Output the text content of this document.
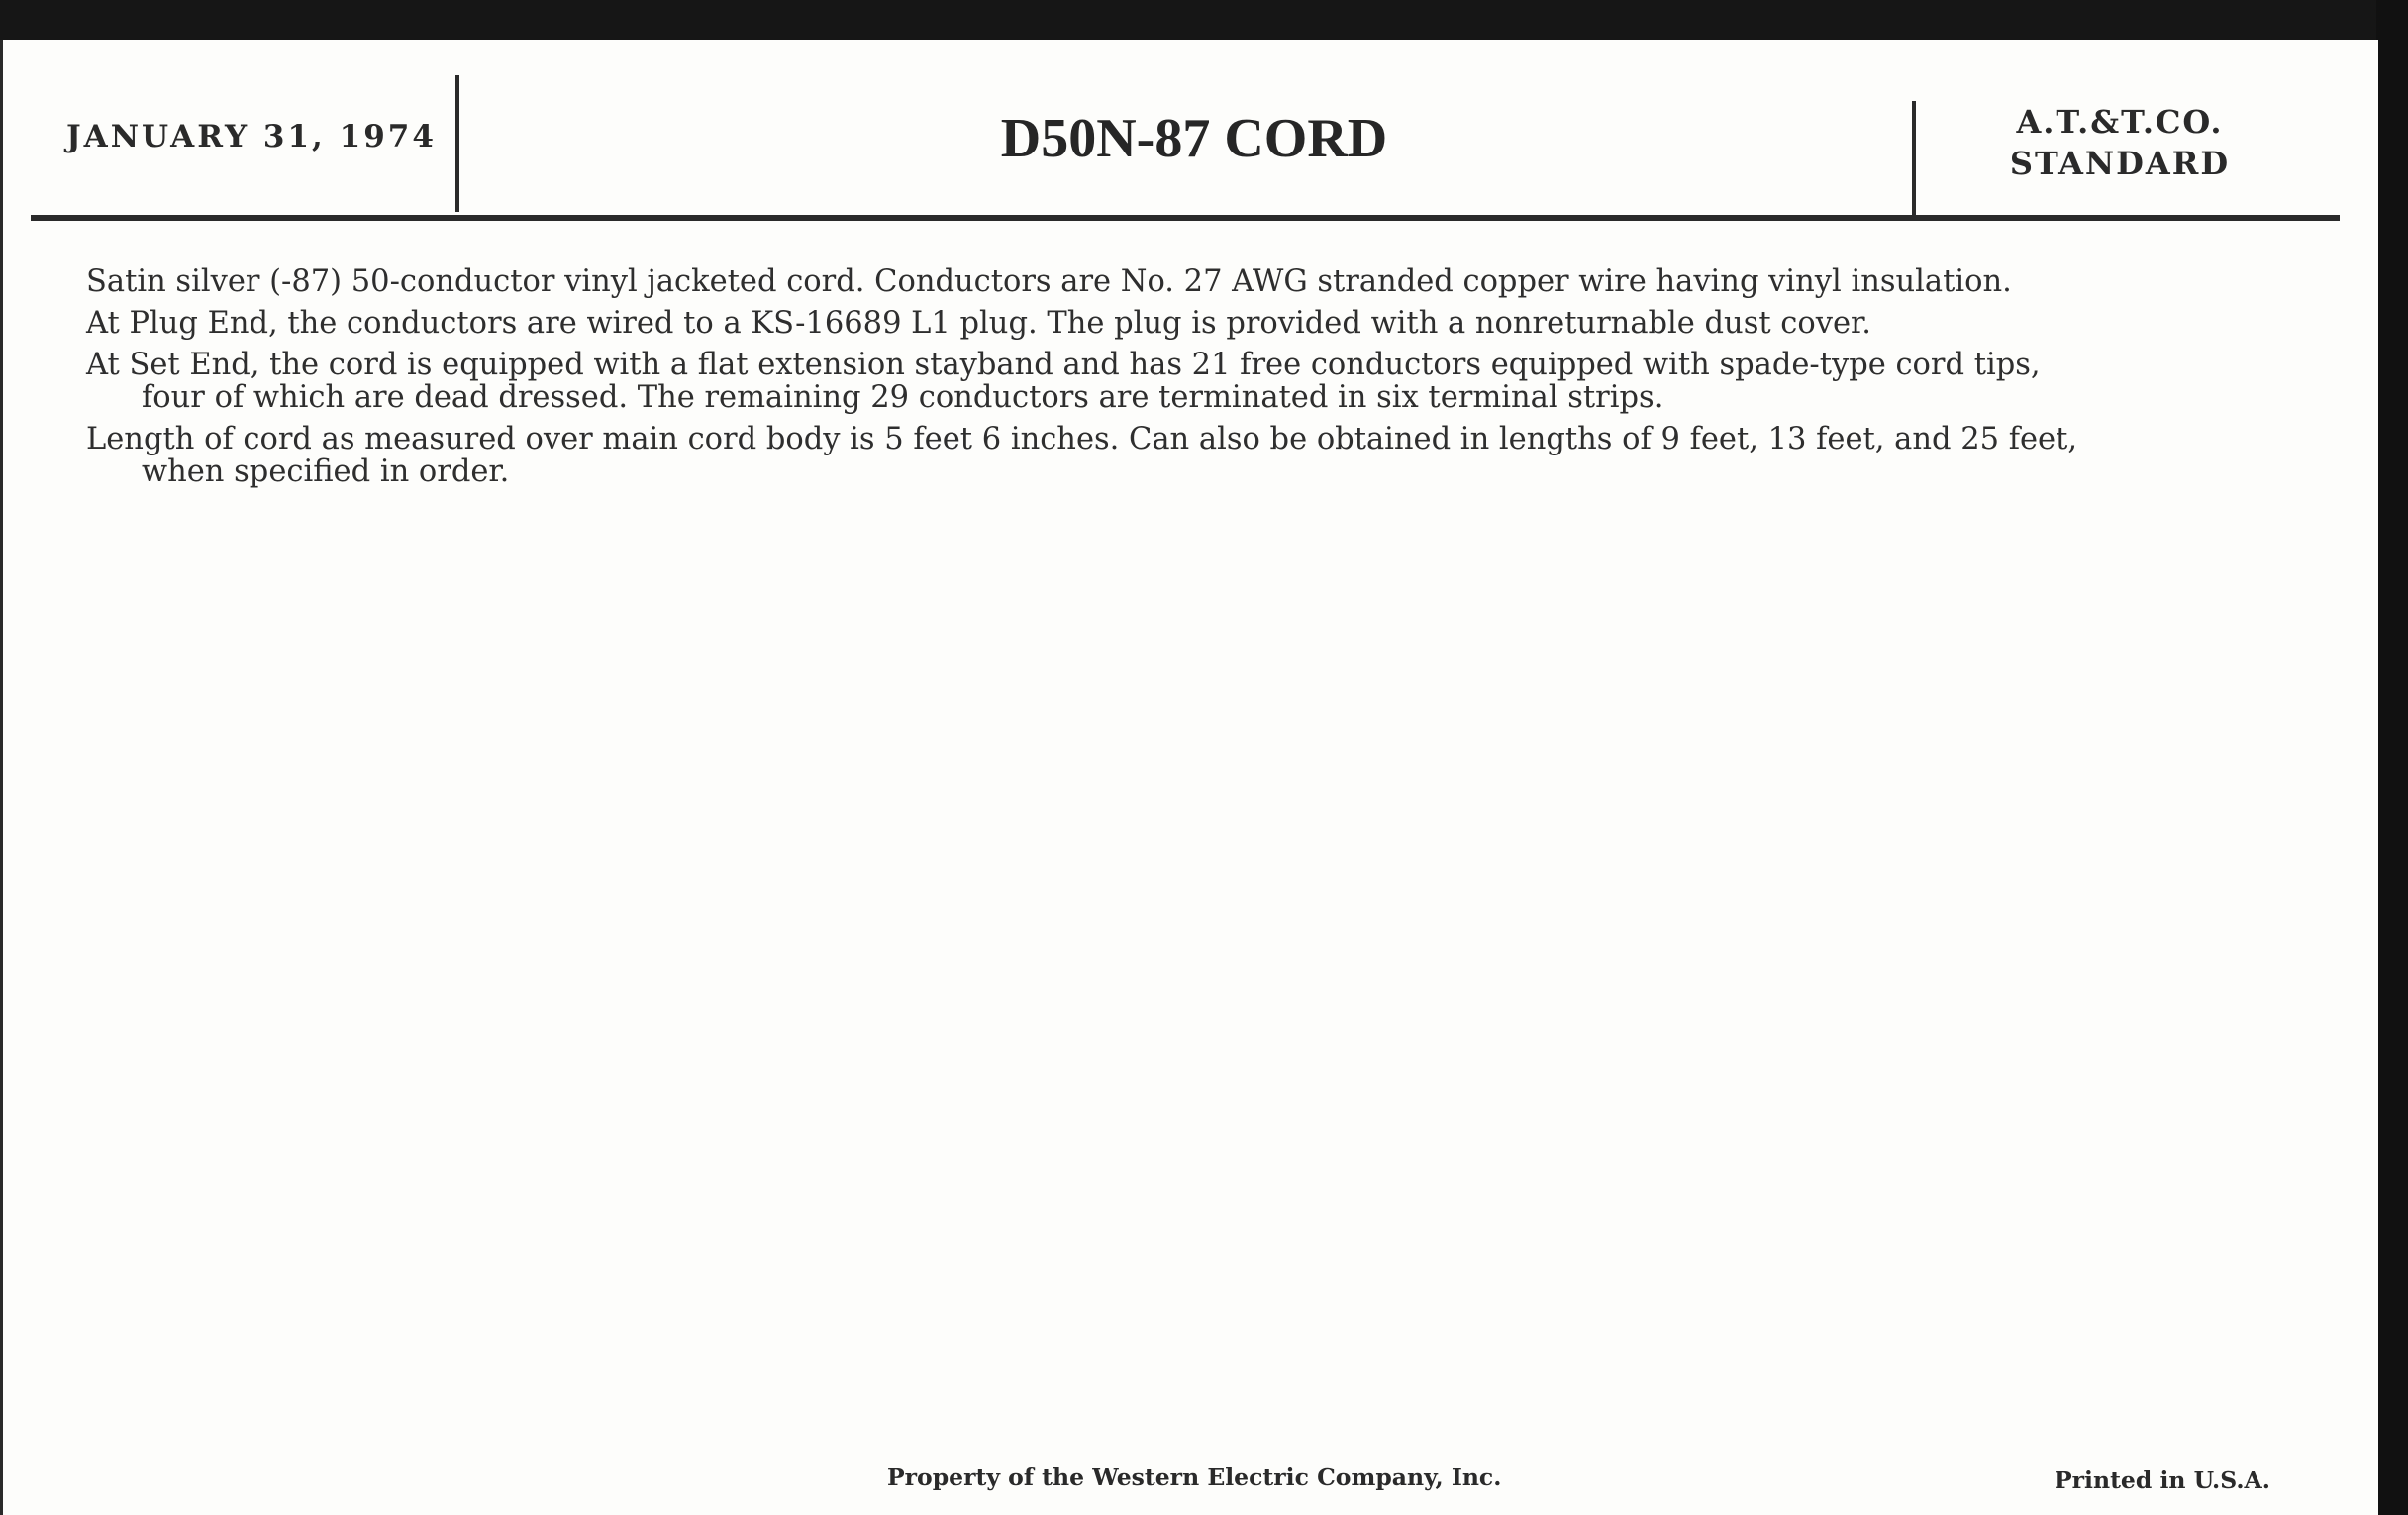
JANUARY 31, 1974	D50N-87 CORD	A.T.&T.CO.
STANDARD

Satin silver (-87) 50-conductor vinyl jacketed cord. Conductors are No. 27 AWG stranded copper wire having vinyl insulation.

At Plug End, the conductors are wired to a KS-16689 L1 plug. The plug is provided with a nonreturnable dust cover.

At Set End, the cord is equipped with a flat extension stayband and has 21 free conductors equipped with spade-type cord tips,
four of which are dead dressed. The remaining 29 conductors are terminated in six terminal strips.

Length of cord as measured over main cord body is 5 feet 6 inches. Can also be obtained in lengths of 9 feet, 13 feet, and 25 feet,
when specified in order.

Property of the Western Electric Company, Inc.	Printed in U.S.A.
